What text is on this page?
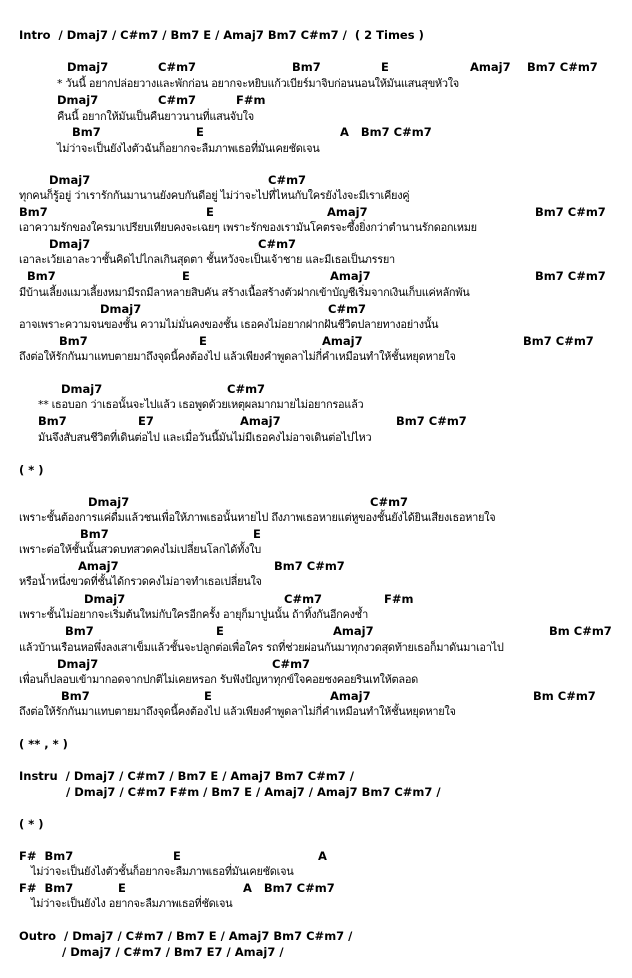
Intro  / Dmaj7 / C#m7 / Bm7 E / Amaj7 Bm7 C#m7 /  ( 2 Times )
Dmaj7	C#m7	Bm7	E	Amaj7 Bm7 C#m7
* วันนี้ อยากปล่อยวางและพักก่อน อยากจะหยิบแก้วเบียร์มาจิบก่อนนอนให้มันแสนสุขหัวใจ
Dmaj7	C#m7	F#m
คืนนี้ อยากให้มันเป็นคืนยาวนานที่แสนจับใจ
Bm7	E	A   Bm7 C#m7
ไม่ว่าจะเป็นยังไงตัวฉันก็อยากจะลืมภาพเธอที่มันเคยชัดเจน
Dmaj7	C#m7
ทุกคนก็รู้อยู่ ว่าเรารักกันมานานยังคบกันดีอยู่ ไม่ว่าจะไปที่ไหนกับใครยังไงจะมีเราเคียงคู่
Bm7	E	Amaj7	Bm7 C#m7
เอาความรักของใครมาเปรียบเทียบคงจะเฉยๆ เพราะรักของเรามันโคตรจะซึ้งยิ่งกว่าตำนานรักดอกเหมย
Dmaj7	C#m7
เอาละเว้ยเอาละวาชั้นคิดไปไกลเกินสุดตา ชั้นหวังจะเป็นเจ้าชาย และมีเธอเป็นภรรยา
Bm7	E	Amaj7	Bm7 C#m7
มีบ้านเลี้ยงแมวเลี้ยงหมามีรถมีลาหลายสิบคัน สร้างเนื้อสร้างตัวฝากเข้าบัญชีเริ่มจากเงินเก็บแค่หลักพัน
Dmaj7	C#m7
อาจเพราะความจนของชั้น ความไม่มั่นคงของชั้น เธอคงไม่อยากฝากฝันชีวิตปลายทางอย่างนั้น
Bm7	E	Amaj7	Bm7 C#m7
ถึงต่อให้รักกันมาแทบตายมาถึงจุดนี้คงต้องไป แล้วเพียงคำพูดลาไม่กี่คำเหมือนทำให้ชั้นหยุดหายใจ
Dmaj7	C#m7
** เธอบอก ว่าเธอนั้นจะไปแล้ว เธอพูดด้วยเหตุผลมากมายไม่อยากรอแล้ว
Bm7	E7	Amaj7	Bm7 C#m7
มันจึงสับสนชีวิตที่เดินต่อไป และเมื่อวันนี้มันไม่มีเธอคงไม่อาจเดินต่อไปไหว
( * )
Dmaj7	C#m7
เพราะชั้นต้องการแค่ดื่มแล้วชนเพื่อให้ภาพเธอนั้นหายไป ถึงภาพเธอหายแต่หูของชั้นยังได้ยินเสียงเธอหายใจ
Bm7	E
เพราะต่อให้ชั้นนั้นสวดบทสวดคงไม่เปลี่ยนโลกได้ทั้งใบ
Amaj7	Bm7 C#m7
หรือน้ำหนึ่งขวดที่ชั้นได้กรวดคงไม่อาจทำเธอเปลี่ยนใจ
Dmaj7	C#m7	F#m
เพราะชั้นไม่อยากจะเริ่มต้นใหม่กับใครอีกครั้ง อายุก็มาปูนนั้น ถ้าทิ้งกันอีกคงช้ำ
Bm7	E	Amaj7	Bm C#m7
แล้วบ้านเรือนหอพึ่งลงเสาเข็มแล้วชั้นจะปลูกต่อเพื่อใคร รถที่ช่วยผ่อนกันมาทุกงวดสุดท้ายเธอก็มาดันมาเอาไป
Dmaj7	C#m7
เพื่อนก็ปลอบเข้ามากอดจากปกติไม่เคยหรอก รับฟังปัญหาทุกข์ใจคอยชงคอยรินเทให้ตลอด
Bm7	E	Amaj7	Bm C#m7
ถึงต่อให้รักกันมาแทบตายมาถึงจุดนี้คงต้องไป แล้วเพียงคำพูดลาไม่กี่คำเหมือนทำให้ชั้นหยุดหายใจ
( ** , * )
Instru  / Dmaj7 / C#m7 / Bm7 E / Amaj7 Bm7 C#m7 /
/ Dmaj7 / C#m7 F#m / Bm7 E / Amaj7 / Amaj7 Bm7 C#m7 /
( * )
F#  Bm7	E	A
ไม่ว่าจะเป็นยังไงตัวชั้นก็อยากจะลืมภาพเธอที่มันเคยชัดเจน
F#  Bm7	E	A   Bm7 C#m7
ไม่ว่าจะเป็นยังไง อยากจะลืมภาพเธอที่ชัดเจน
Outro  / Dmaj7 / C#m7 / Bm7 E / Amaj7 Bm7 C#m7 /
/ Dmaj7 / C#m7 / Bm7 E7 / Amaj7 /
